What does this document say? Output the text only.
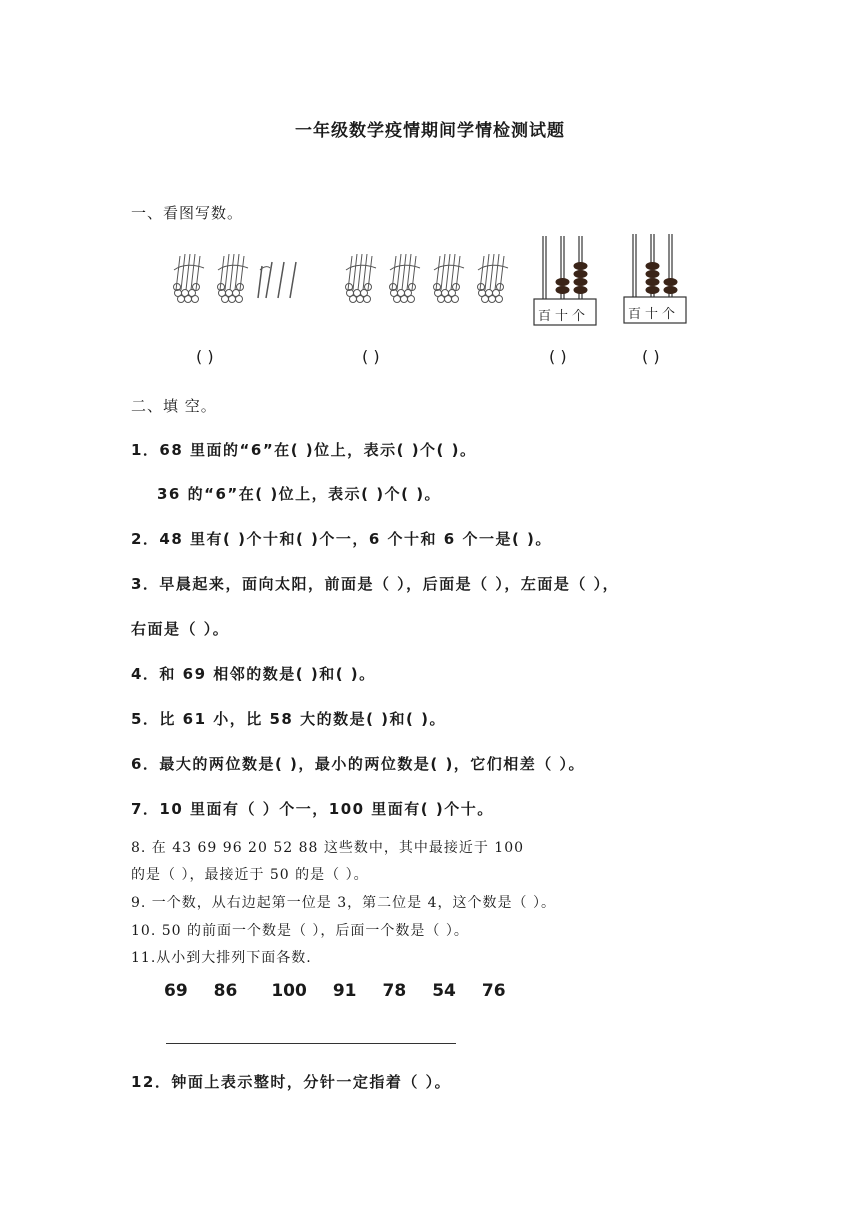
一年级数学疫情期间学情检测试题
一、看图写数。
百十个	百十个
( )	( )	( )	( )
二、填 空。
1．68 里面的“6”在( )位上，表示( )个( )。
36 的“6”在( )位上，表示( )个( )。
2．48 里有( )个十和( )个一，6 个十和 6 个一是( )。
3．早晨起来，面向太阳，前面是（ ），后面是（ ），左面是（ ），
右面是（ ）。
4．和 69 相邻的数是( )和( )。
5．比 61 小，比 58 大的数是( )和( )。
6．最大的两位数是( )，最小的两位数是( )，它们相差（ ）。
7．10 里面有（ ）个一，100 里面有( )个十。
8. 在 43 69 96 20 52 88 这些数中，其中最接近于 100
的是（ ），最接近于 50 的是（ ）。
9. 一个数，从右边起第一位是 3，第二位是 4，这个数是（ ）。
10. 50 的前面一个数是（ ），后面一个数是（ ）。
11.从小到大排列下面各数.
69 86 100 91 78 54 76
12．钟面上表示整时，分针一定指着（ ）。
